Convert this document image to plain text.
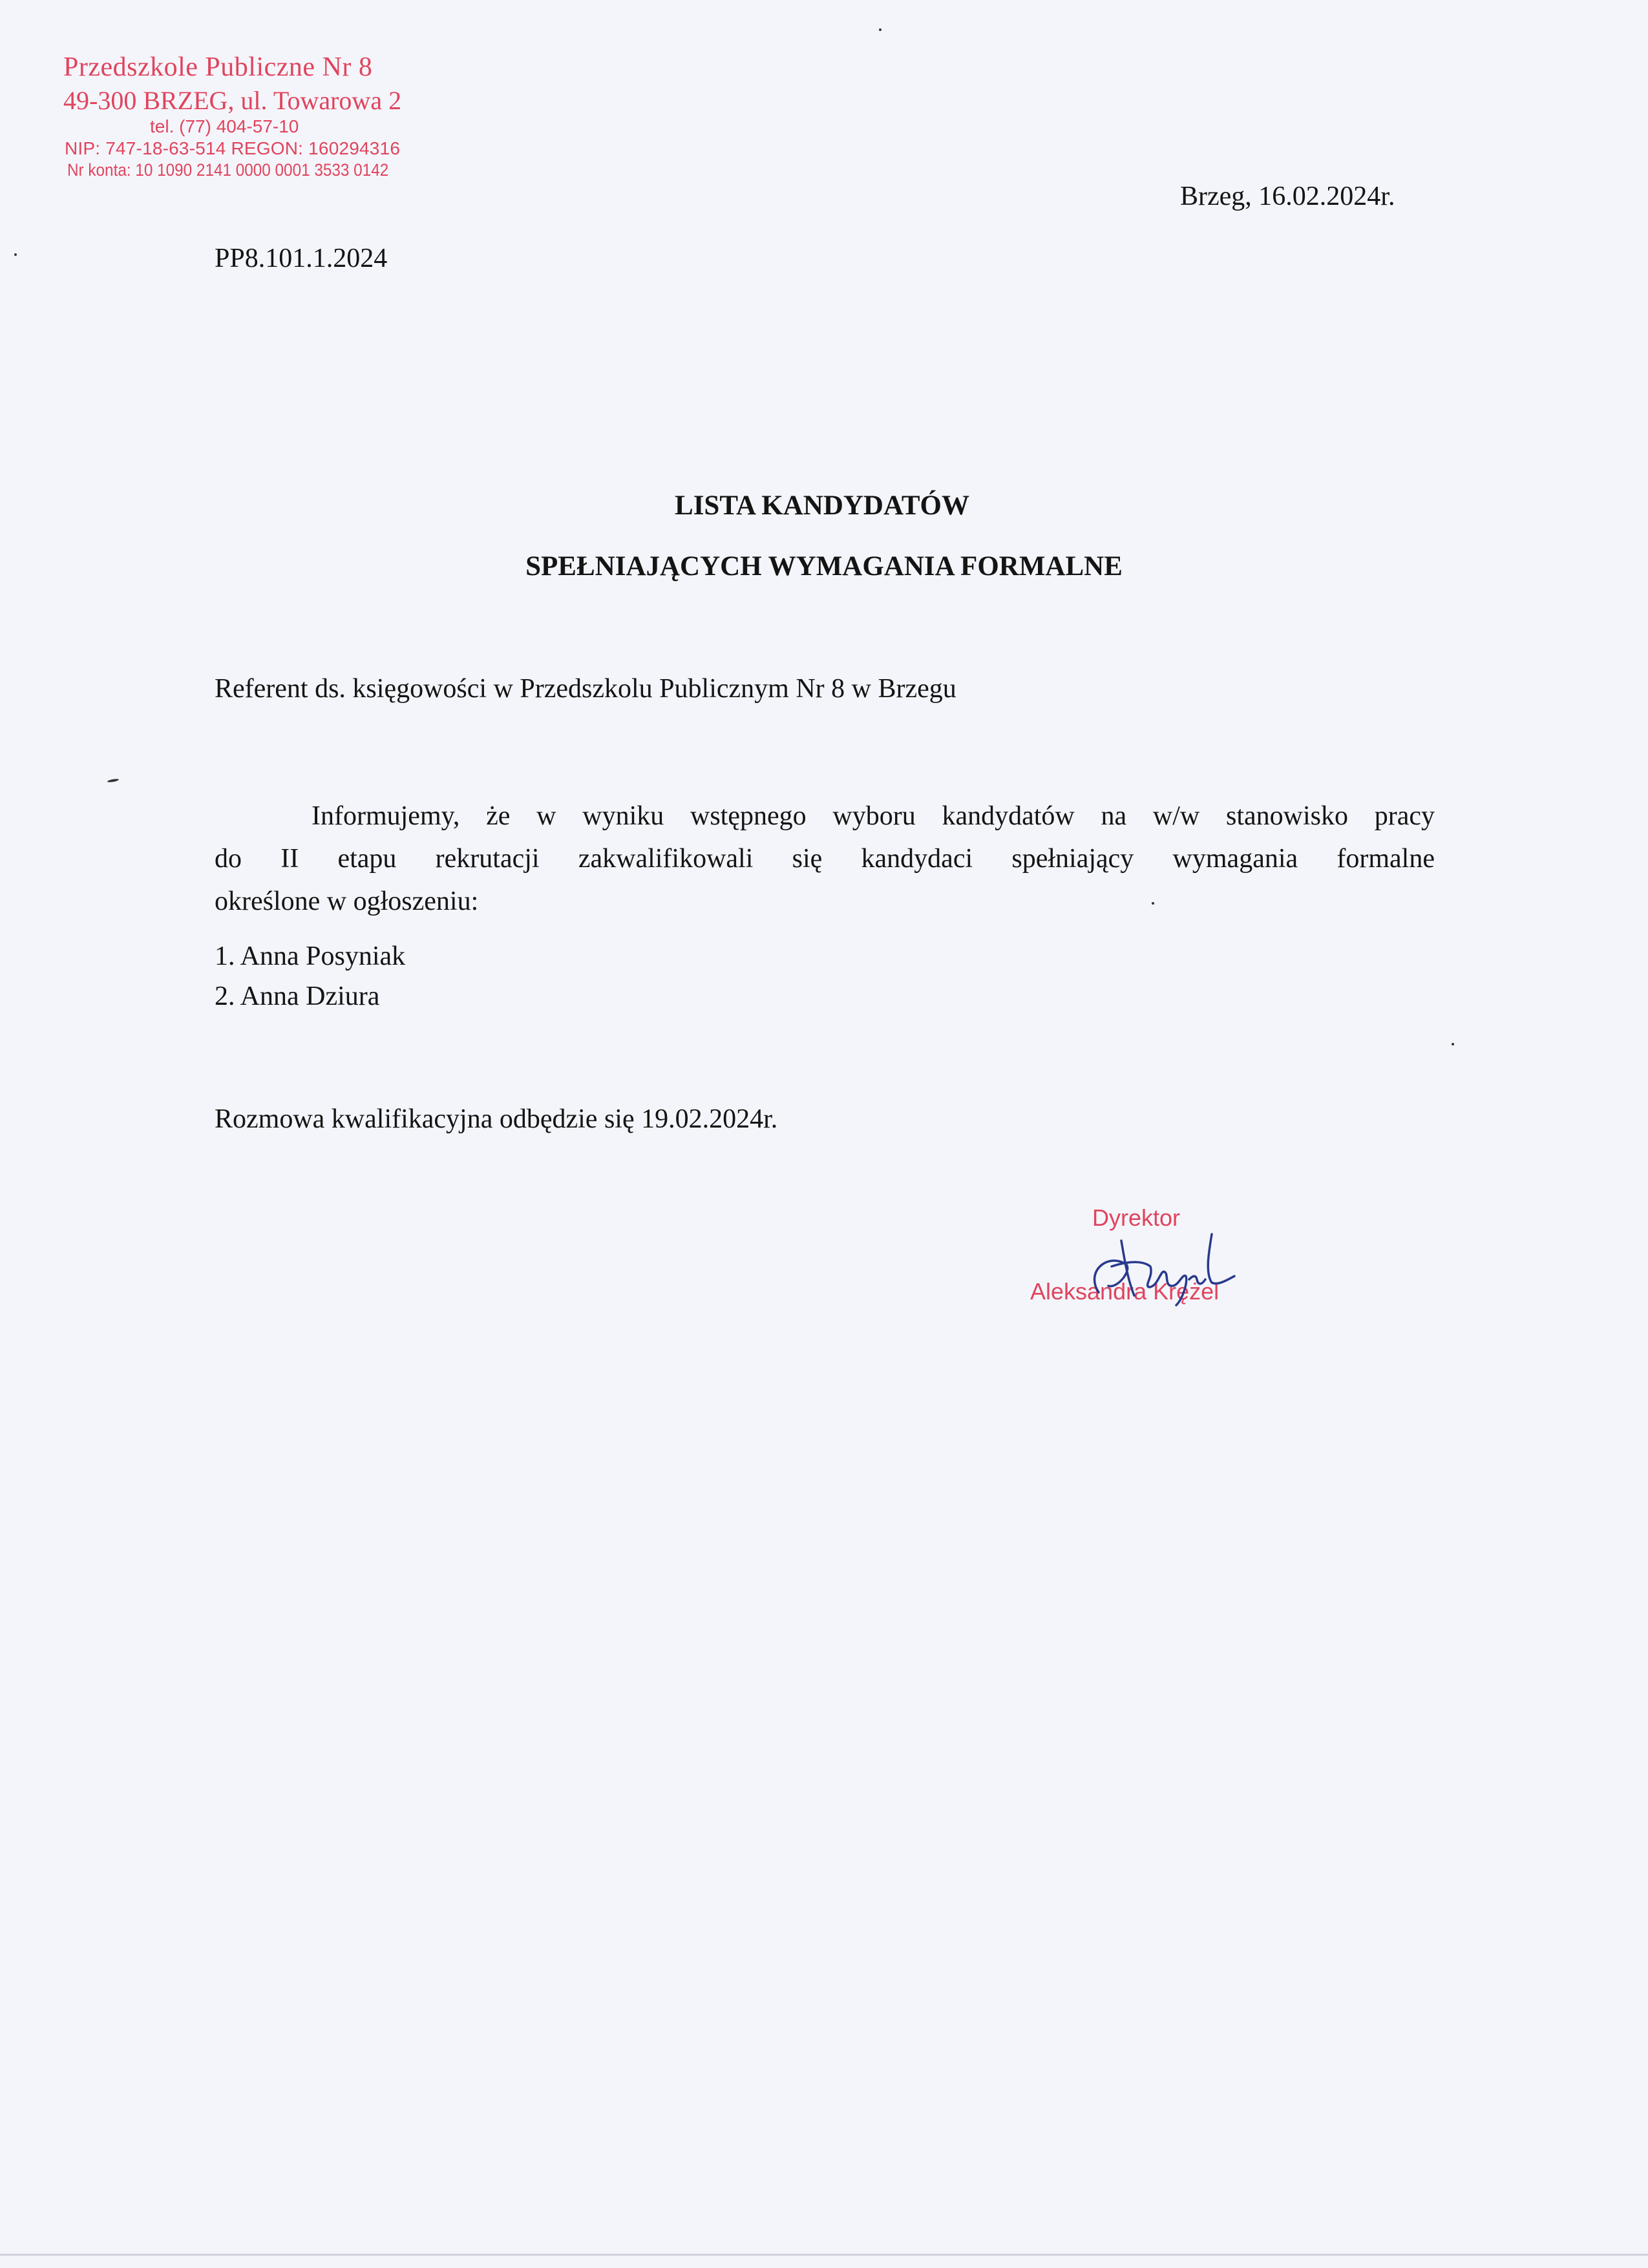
Przedszkole Publiczne Nr 8
49-300 BRZEG, ul. Towarowa 2
tel. (77) 404-57-10
NIP: 747-18-63-514 REGON: 160294316
Nr konta: 10 1090 2141 0000 0001 3533 0142
Brzeg, 16.02.2024r.
PP8.101.1.2024
LISTA KANDYDATÓW
SPEŁNIAJĄCYCH WYMAGANIA FORMALNE
Referent ds. księgowości w Przedszkolu Publicznym Nr 8 w Brzegu
Informujemy, że w wyniku wstępnego wyboru kandydatów na w/w stanowisko pracy
do II etapu rekrutacji zakwalifikowali się kandydaci spełniający wymagania formalne
określone w ogłoszeniu:
1. Anna Posyniak
2. Anna Dziura
Rozmowa kwalifikacyjna odbędzie się 19.02.2024r.
Dyrektor
Aleksandra Krężel
